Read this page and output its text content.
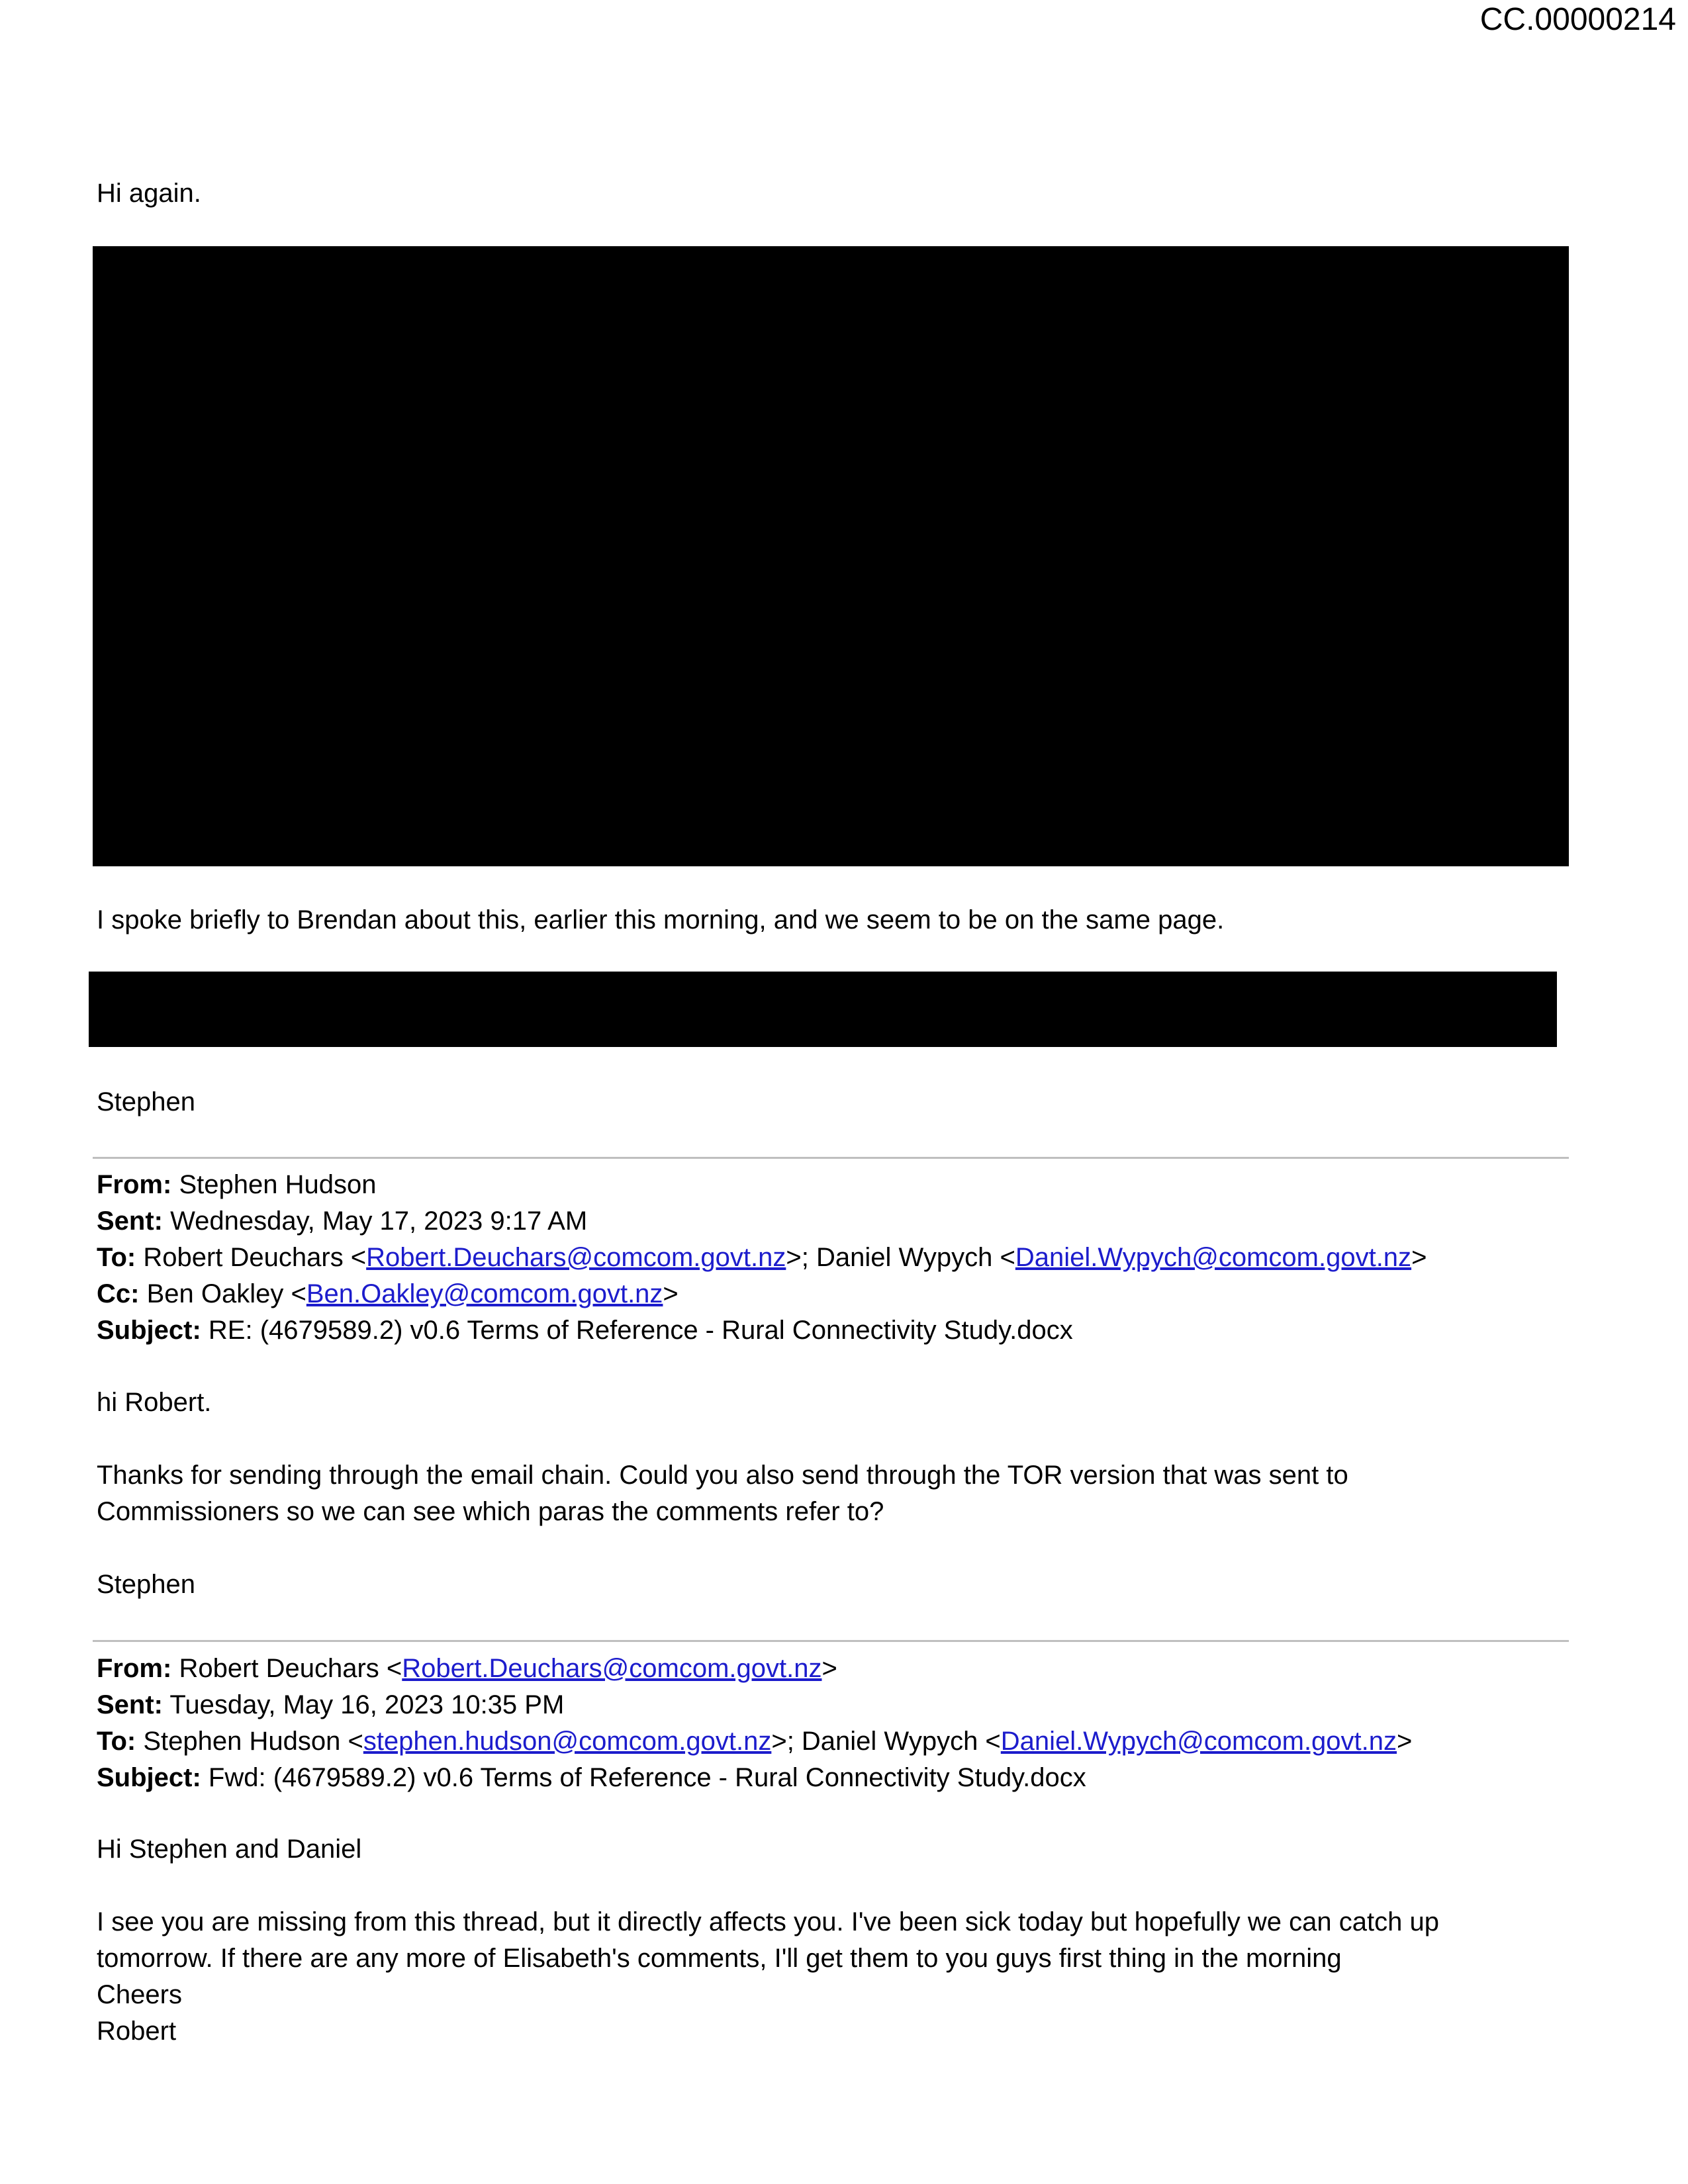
CC.00000214
Hi again.
I spoke briefly to Brendan about this, earlier this morning, and we seem to be on the same page.
Stephen
From: Stephen Hudson
Sent: Wednesday, May 17, 2023 9:17 AM
To: Robert Deuchars <Robert.Deuchars@comcom.govt.nz>; Daniel Wypych <Daniel.Wypych@comcom.govt.nz>
Cc: Ben Oakley <Ben.Oakley@comcom.govt.nz>
Subject: RE: (4679589.2) v0.6 Terms of Reference - Rural Connectivity Study.docx
hi Robert.
Thanks for sending through the email chain. Could you also send through the TOR version that was sent to
Commissioners so we can see which paras the comments refer to?
Stephen
From: Robert Deuchars <Robert.Deuchars@comcom.govt.nz>
Sent: Tuesday, May 16, 2023 10:35 PM
To: Stephen Hudson <stephen.hudson@comcom.govt.nz>; Daniel Wypych <Daniel.Wypych@comcom.govt.nz>
Subject: Fwd: (4679589.2) v0.6 Terms of Reference - Rural Connectivity Study.docx
Hi Stephen and Daniel
I see you are missing from this thread, but it directly affects you. I've been sick today but hopefully we can catch up
tomorrow. If there are any more of Elisabeth's comments, I'll get them to you guys first thing in the morning
Cheers
Robert
